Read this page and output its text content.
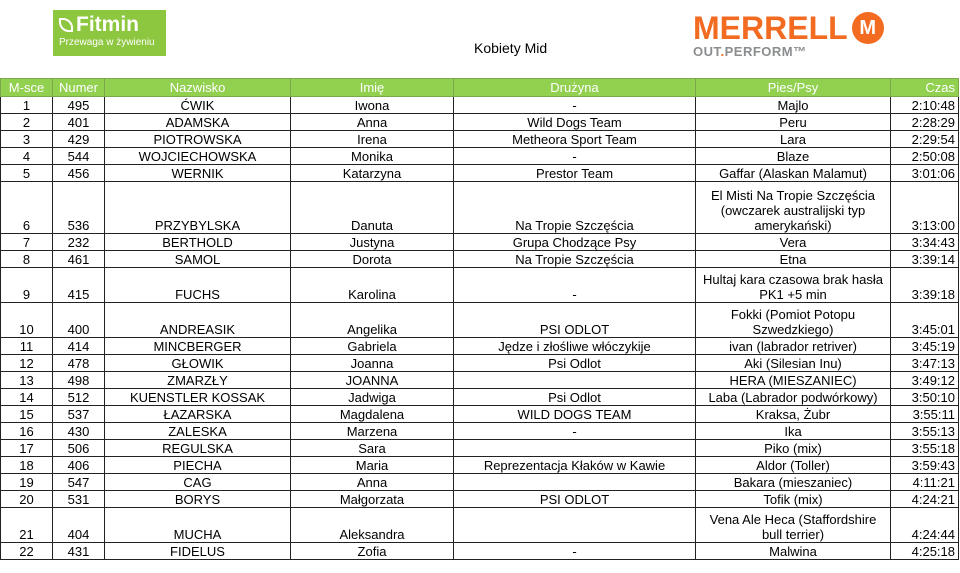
Fitmin
Przewaga w żywieniu	Kobiety Mid
MERRELL M
OUT.PERFORM™
M-sce	Numer	Nazwisko	Imię	Drużyna	Pies/Psy	Czas
1	495	ĆWIK	Iwona	-	Majlo	2:10:48
2	401	ADAMSKA	Anna	Wild Dogs Team	Peru	2:28:29
3	429	PIOTROWSKA	Irena	Metheora Sport Team	Lara	2:29:54
4	544	WOJCIECHOWSKA	Monika	-	Blaze	2:50:08
5	456	WERNIK	Katarzyna	Prestor Team	Gaffar (Alaskan Malamut)	3:01:06
6	536	PRZYBYLSKA	Danuta	Na Tropie Szczęścia	El Misti Na Tropie Szczęścia (owczarek australijski typ amerykański)	3:13:00
7	232	BERTHOLD	Justyna	Grupa Chodzące Psy	Vera	3:34:43
8	461	SAMOL	Dorota	Na Tropie Szczęścia	Etna	3:39:14
9	415	FUCHS	Karolina	-	Hultaj kara czasowa brak hasła PK1 +5 min	3:39:18
10	400	ANDREASIK	Angelika	PSI ODLOT	Fokki (Pomiot Potopu Szwedzkiego)	3:45:01
11	414	MINCBERGER	Gabriela	Jędze i złośliwe włóczykije	ivan (labrador retriver)	3:45:19
12	478	GŁOWIK	Joanna	Psi Odlot	Aki (Silesian Inu)	3:47:13
13	498	ZMARZŁY	JOANNA		HERA (MIESZANIEC)	3:49:12
14	512	KUENSTLER KOSSAK	Jadwiga	Psi Odlot	Laba (Labrador podwórkowy)	3:50:10
15	537	ŁAZARSKA	Magdalena	WILD DOGS TEAM	Kraksa, Żubr	3:55:11
16	430	ZALESKA	Marzena	-	Ika	3:55:13
17	506	REGULSKA	Sara		Piko (mix)	3:55:18
18	406	PIECHA	Maria	Reprezentacja Kłaków w Kawie	Aldor (Toller)	3:59:43
19	547	CAG	Anna		Bakara (mieszaniec)	4:11:21
20	531	BORYS	Małgorzata	PSI ODLOT	Tofik (mix)	4:24:21
21	404	MUCHA	Aleksandra		Vena Ale Heca (Staffordshire bull terrier)	4:24:44
22	431	FIDELUS	Zofia	-	Malwina	4:25:18
